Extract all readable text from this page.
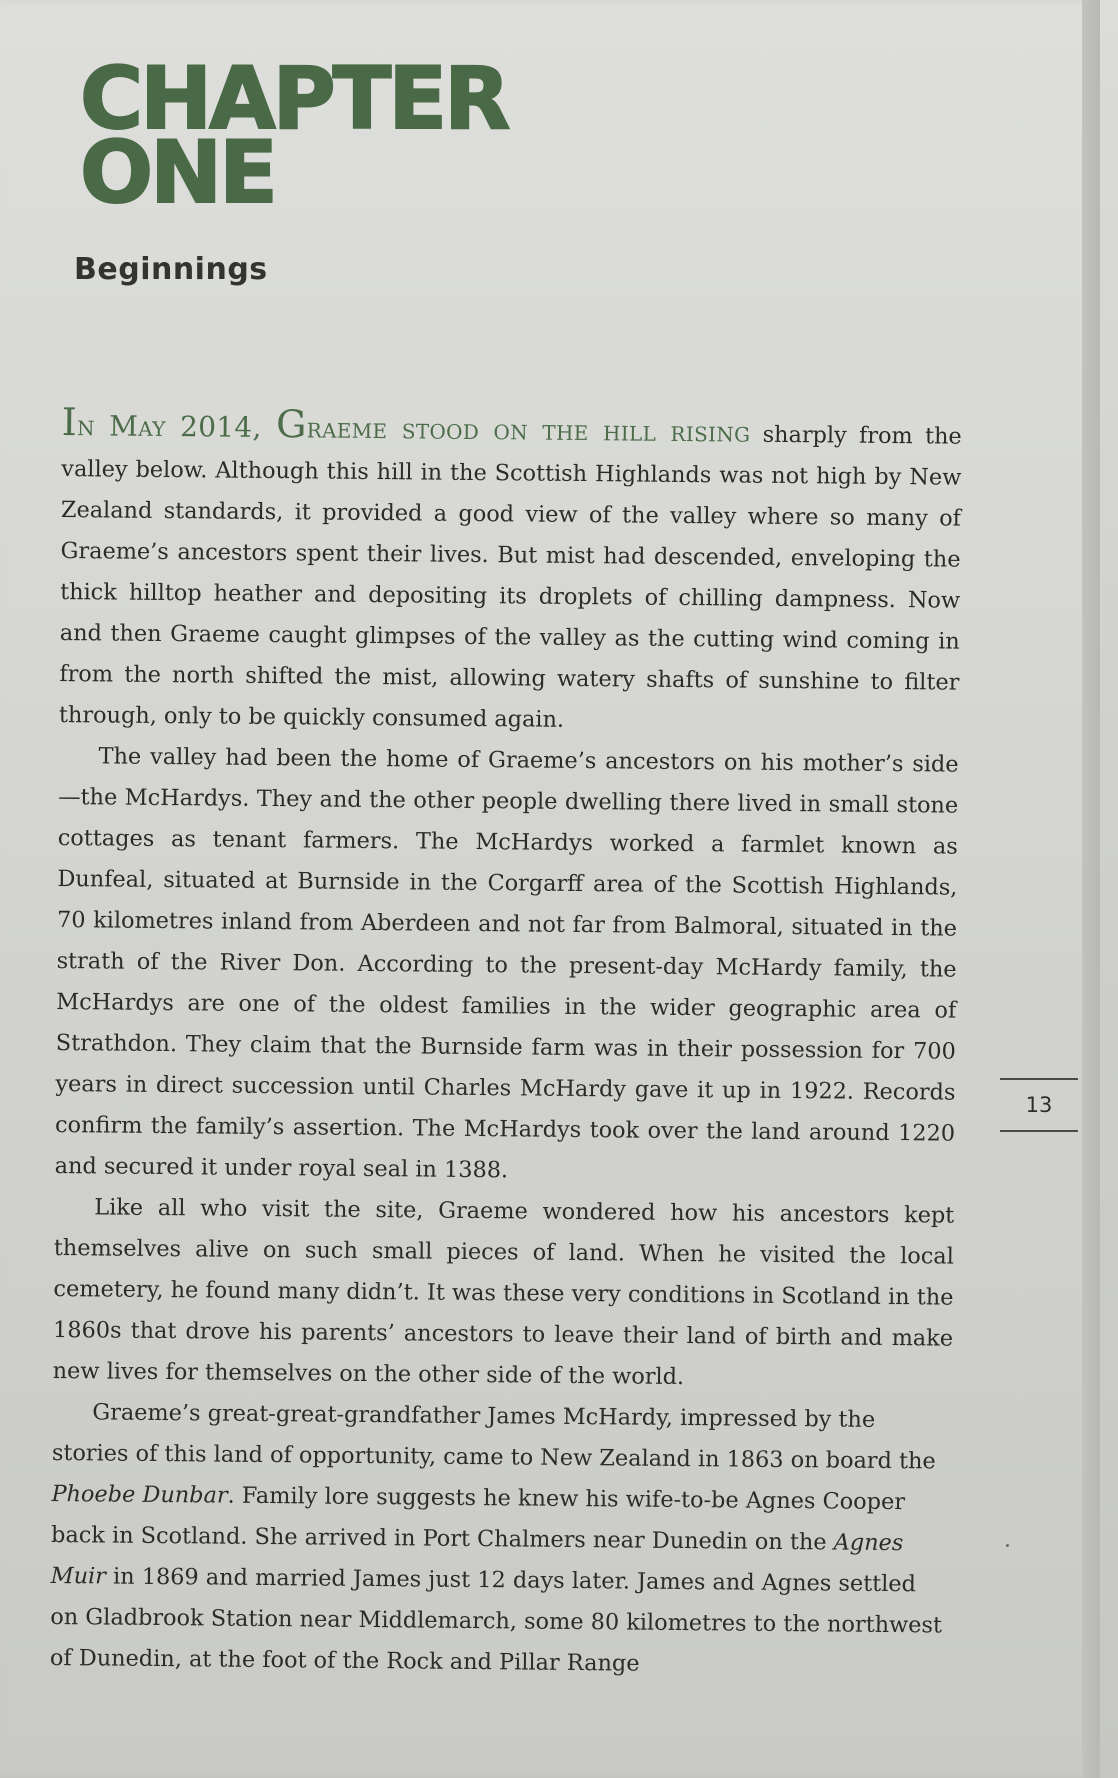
CHAPTER
ONE
Beginnings

In May 2014, Graeme stood on the hill rising sharply from the valley below. Although this hill in the Scottish Highlands was not high by New Zealand standards, it provided a good view of the valley where so many of Graeme’s ancestors spent their lives. But mist had descended, enveloping the thick hilltop heather and depositing its droplets of chilling dampness. Now and then Graeme caught glimpses of the valley as the cutting wind coming in from the north shifted the mist, allowing watery shafts of sunshine to filter through, only to be quickly consumed again.

The valley had been the home of Graeme’s ancestors on his mother’s side—the McHardys. They and the other people dwelling there lived in small stone cottages as tenant farmers. The McHardys worked a farmlet known as Dunfeal, situated at Burnside in the Corgarff area of the Scottish Highlands, 70 kilometres inland from Aberdeen and not far from Balmoral, situated in the strath of the River Don. According to the present-day McHardy family, the McHardys are one of the oldest families in the wider geographic area of Strathdon. They claim that the Burnside farm was in their possession for 700 years in direct succession until Charles McHardy gave it up in 1922. Records confirm the family’s assertion. The McHardys took over the land around 1220 and secured it under royal seal in 1388.

Like all who visit the site, Graeme wondered how his ancestors kept themselves alive on such small pieces of land. When he visited the local cemetery, he found many didn’t. It was these very conditions in Scotland in the 1860s that drove his parents’ ancestors to leave their land of birth and make new lives for themselves on the other side of the world.

Graeme’s great-great-grandfather James McHardy, impressed by the stories of this land of opportunity, came to New Zealand in 1863 on board the Phoebe Dunbar. Family lore suggests he knew his wife-to-be Agnes Cooper back in Scotland. She arrived in Port Chalmers near Dunedin on the Agnes Muir in 1869 and married James just 12 days later. James and Agnes settled on Gladbrook Station near Middlemarch, some 80 kilometres to the northwest of Dunedin, at the foot of the Rock and Pillar Range

13
